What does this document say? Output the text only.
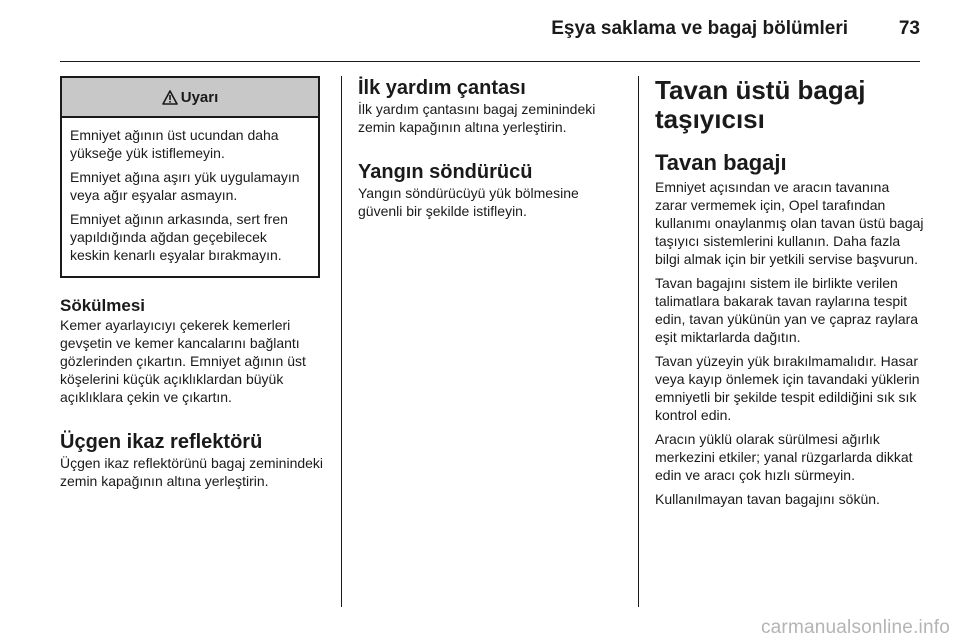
Eşya saklama ve bagaj bölümleri	73
Uyarı

Emniyet ağının üst ucundan daha yükseğe yük istiflemeyin.

Emniyet ağına aşırı yük uygulamayın veya ağır eşyalar asmayın.

Emniyet ağının arkasında, sert fren yapıldığında ağdan geçebilecek keskin kenarlı eşyalar bırakmayın.

Sökülmesi

Kemer ayarlayıcıyı çekerek kemerleri gevşetin ve kemer kancalarını bağlantı gözlerinden çıkartın. Emniyet ağının üst köşelerini küçük açıklıklardan büyük açıklıklara çekin ve çıkartın.

Üçgen ikaz reflektörü

Üçgen ikaz reflektörünü bagaj zeminindeki zemin kapağının altına yerleştirin.

İlk yardım çantası

İlk yardım çantasını bagaj zeminindeki zemin kapağının altına yerleştirin.

Yangın söndürücü

Yangın söndürücüyü yük bölmesine güvenli bir şekilde istifleyin.

Tavan üstü bagaj taşıyıcısı
Tavan bagajı

Emniyet açısından ve aracın tavanına zarar vermemek için, Opel tarafından kullanımı onaylanmış olan tavan üstü bagaj taşıyıcı sistemlerini kullanın. Daha fazla bilgi almak için bir yetkili servise başvurun.

Tavan bagajını sistem ile birlikte verilen talimatlara bakarak tavan raylarına tespit edin, tavan yükünün yan ve çapraz raylara eşit miktarlarda dağıtın.

Tavan yüzeyin yük bırakılmamalıdır. Hasar veya kayıp önlemek için tavandaki yüklerin emniyetli bir şekilde tespit edildiğini sık sık kontrol edin.

Aracın yüklü olarak sürülmesi ağırlık merkezini etkiler; yanal rüzgarlarda dikkat edin ve aracı çok hızlı sürmeyin.

Kullanılmayan tavan bagajını sökün.

carmanualsonline.info
